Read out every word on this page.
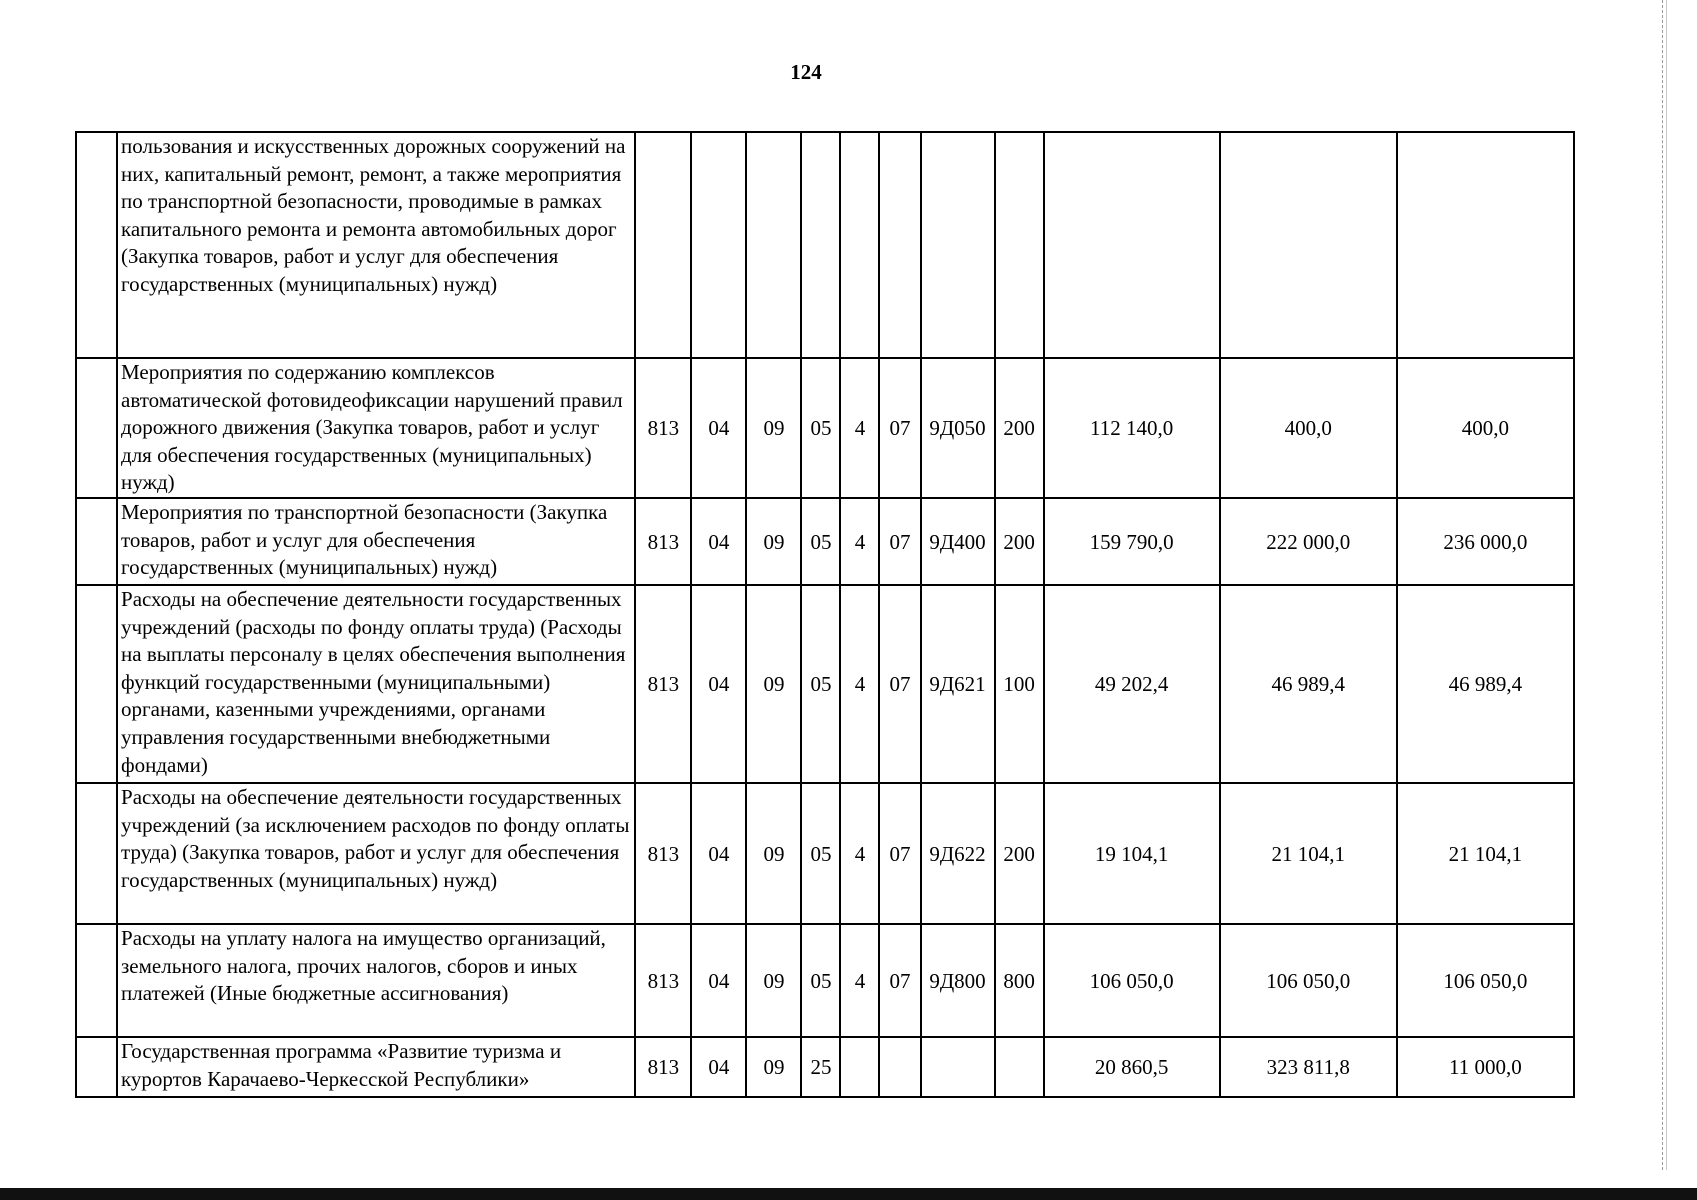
124
	пользования и искусственных дорожных сооружений на них, капитальный ремонт, ремонт, а также мероприятия по транспортной безопасности, проводимые в рамках капитального ремонта и ремонта автомобильных дорог (Закупка товаров, работ и услуг для обеспечения государственных (муниципальных) нужд)											
	Мероприятия по содержанию комплексов автоматической фотовидеофиксации нарушений правил дорожного движения (Закупка товаров, работ и услуг для обеспечения государственных (муниципальных) нужд)	813	04	09	05	4	07	9Д050	200	112 140,0	400,0	400,0
	Мероприятия по транспортной безопасности (Закупка товаров, работ и услуг для обеспечения государственных (муниципальных) нужд)	813	04	09	05	4	07	9Д400	200	159 790,0	222 000,0	236 000,0
	Расходы на обеспечение деятельности государственных учреждений (расходы по фонду оплаты труда) (Расходы на выплаты персоналу в целях обеспечения выполнения функций государственными (муниципальными) органами, казенными учреждениями, органами управления государственными внебюджетными фондами)	813	04	09	05	4	07	9Д621	100	49 202,4	46 989,4	46 989,4
	Расходы на обеспечение деятельности государственных учреждений (за исключением расходов по фонду оплаты труда) (Закупка товаров, работ и услуг для обеспечения государственных (муниципальных) нужд)	813	04	09	05	4	07	9Д622	200	19 104,1	21 104,1	21 104,1
	Расходы на уплату налога на имущество организаций, земельного налога, прочих налогов, сборов и иных платежей (Иные бюджетные ассигнования)	813	04	09	05	4	07	9Д800	800	106 050,0	106 050,0	106 050,0
	Государственная программа «Развитие туризма и курортов Карачаево-Черкесской Республики»	813	04	09	25					20 860,5	323 811,8	11 000,0
